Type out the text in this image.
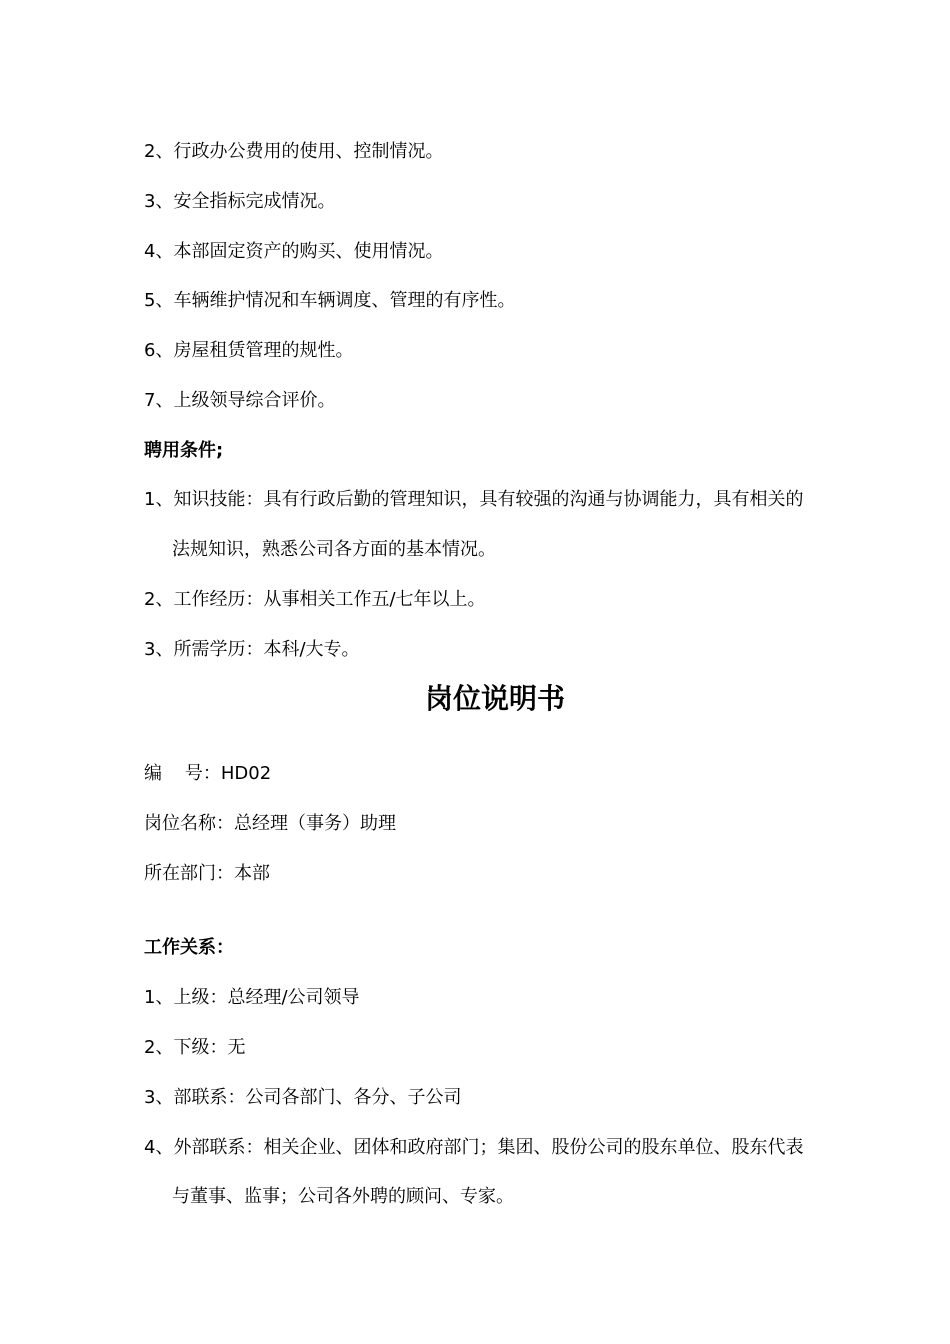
2、行政办公费用的使用、控制情况。
3、安全指标完成情况。
4、本部固定资产的购买、使用情况。
5、车辆维护情况和车辆调度、管理的有序性。
6、房屋租赁管理的规性。
7、上级领导综合评价。
聘用条件;
1、知识技能：具有行政后勤的管理知识，具有较强的沟通与协调能力，具有相关的
法规知识，熟悉公司各方面的基本情况。
2、工作经历：从事相关工作五/七年以上。
3、所需学历：本科/大专。
岗位说明书
编    号：HD02
岗位名称：总经理（事务）助理
所在部门：本部
工作关系：
1、上级：总经理/公司领导
2、下级：无
3、部联系：公司各部门、各分、子公司
4、外部联系：相关企业、团体和政府部门；集团、股份公司的股东单位、股东代表
与董事、监事；公司各外聘的顾问、专家。
